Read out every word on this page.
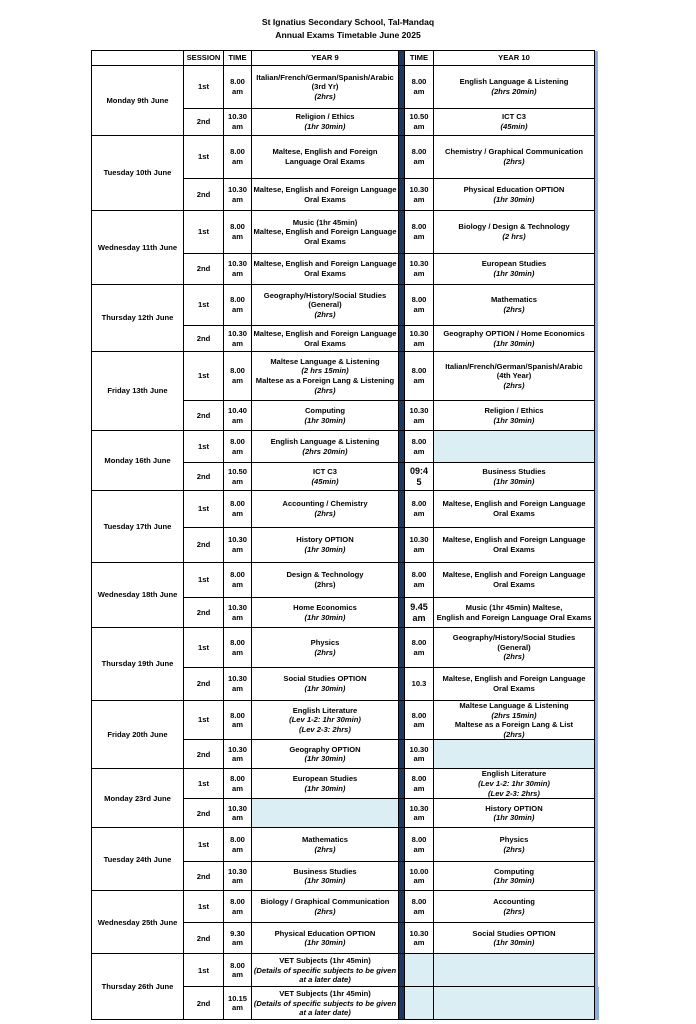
St Ignatius Secondary School, Tal-Ħandaq
Annual Exams Timetable June 2025
	SESSION	TIME	YEAR 9		TIME	YEAR 10	
Monday 9th June	1st	8.00
am	Italian/French/German/Spanish/Arabic
(3rd Yr)
(2hrs)		8.00
am	English Language & Listening
(2hrs 20min)	

	2nd	10.30
am	Religion / Ethics
(1hr 30min)		10.50
am	ICT C3
(45min)	

Tuesday 10th June	1st	8.00
am	Maltese, English and Foreign
Language Oral Exams		8.00
am	Chemistry / Graphical Communication
(2hrs)	

	2nd	10.30
am	Maltese, English and Foreign Language
Oral Exams		10.30
am	Physical Education OPTION
(1hr 30min)	

Wednesday 11th June	1st	8.00
am	Music (1hr 45min)
Maltese, English and Foreign Language
Oral Exams		8.00
am	Biology / Design & Technology
(2 hrs)	

	2nd	10.30
am	Maltese, English and Foreign Language
Oral Exams		10.30
am	European Studies
(1hr 30min)	

Thursday 12th June	1st	8.00
am	Geography/History/Social Studies
(General)
(2hrs)		8.00
am	Mathematics
(2hrs)	

	2nd	10.30
am	Maltese, English and Foreign Language
Oral Exams		10.30
am	Geography OPTION / Home Economics
(1hr 30min)	

Friday 13th June	1st	8.00
am	Maltese Language & Listening
(2 hrs 15min)
Maltese as a Foreign Lang & Listening
(2hrs)		8.00
am	Italian/French/German/Spanish/Arabic
(4th Year)
(2hrs)	

	2nd	10.40
am	Computing
(1hr 30min)		10.30
am	Religion / Ethics
(1hr 30min)	

Monday 16th June	1st	8.00
am	English Language & Listening
(2hrs 20min)		8.00
am		

	2nd	10.50
am	ICT C3
(45min)		09:4
5	Business Studies
(1hr 30min)	

Tuesday 17th June	1st	8.00
am	Accounting / Chemistry
(2hrs)		8.00
am	Maltese, English and Foreign Language
Oral Exams	

	2nd	10.30
am	History OPTION
(1hr 30min)		10.30
am	Maltese, English and Foreign Language
Oral Exams	

Wednesday 18th June	1st	8.00
am	Design & Technology
(2hrs)		8.00
am	Maltese, English and Foreign Language
Oral Exams	

	2nd	10.30
am	Home Economics
(1hr 30min)		9.45
am	Music (1hr 45min) Maltese,
English and Foreign Language Oral Exams	

Thursday 19th June	1st	8.00
am	Physics
(2hrs)		8.00
am	Geography/History/Social Studies
(General)
(2hrs)	

	2nd	10.30
am	Social Studies OPTION
(1hr 30min)		10.3	Maltese, English and Foreign Language
Oral Exams	

Friday 20th June	1st	8.00
am	English Literature
(Lev 1-2: 1hr 30min)
(Lev 2-3: 2hrs)		8.00
am	Maltese Language & Listening
(2hrs 15min)
Maltese as a Foreign Lang & List
(2hrs)	

	2nd	10.30
am	Geography OPTION
(1hr 30min)		10.30
am		

Monday 23rd June	1st	8.00
am	European Studies
(1hr 30min)		8.00
am	English Literature
(Lev 1-2: 1hr 30min)
(Lev 2-3: 2hrs)	

	2nd	10.30
am			10.30
am	History OPTION
(1hr 30min)	

Tuesday 24th June	1st	8.00
am	Mathematics
(2hrs)		8.00
am	Physics
(2hrs)	

	2nd	10.30
am	Business Studies
(1hr 30min)		10.00
am	Computing
(1hr 30min)	

Wednesday 25th June	1st	8.00
am	Biology / Graphical Communication
(2hrs)		8.00
am	Accounting
(2hrs)	

	2nd	9.30
am	Physical Education OPTION
(1hr 30min)		10.30
am	Social Studies OPTION
(1hr 30min)	

Thursday 26th June	1st	8.00
am	VET Subjects (1hr 45min)
(Details of specific subjects to be given
at a later date)				

	2nd	10.15
am	VET Subjects (1hr 45min)
(Details of specific subjects to be given
at a later date)				
